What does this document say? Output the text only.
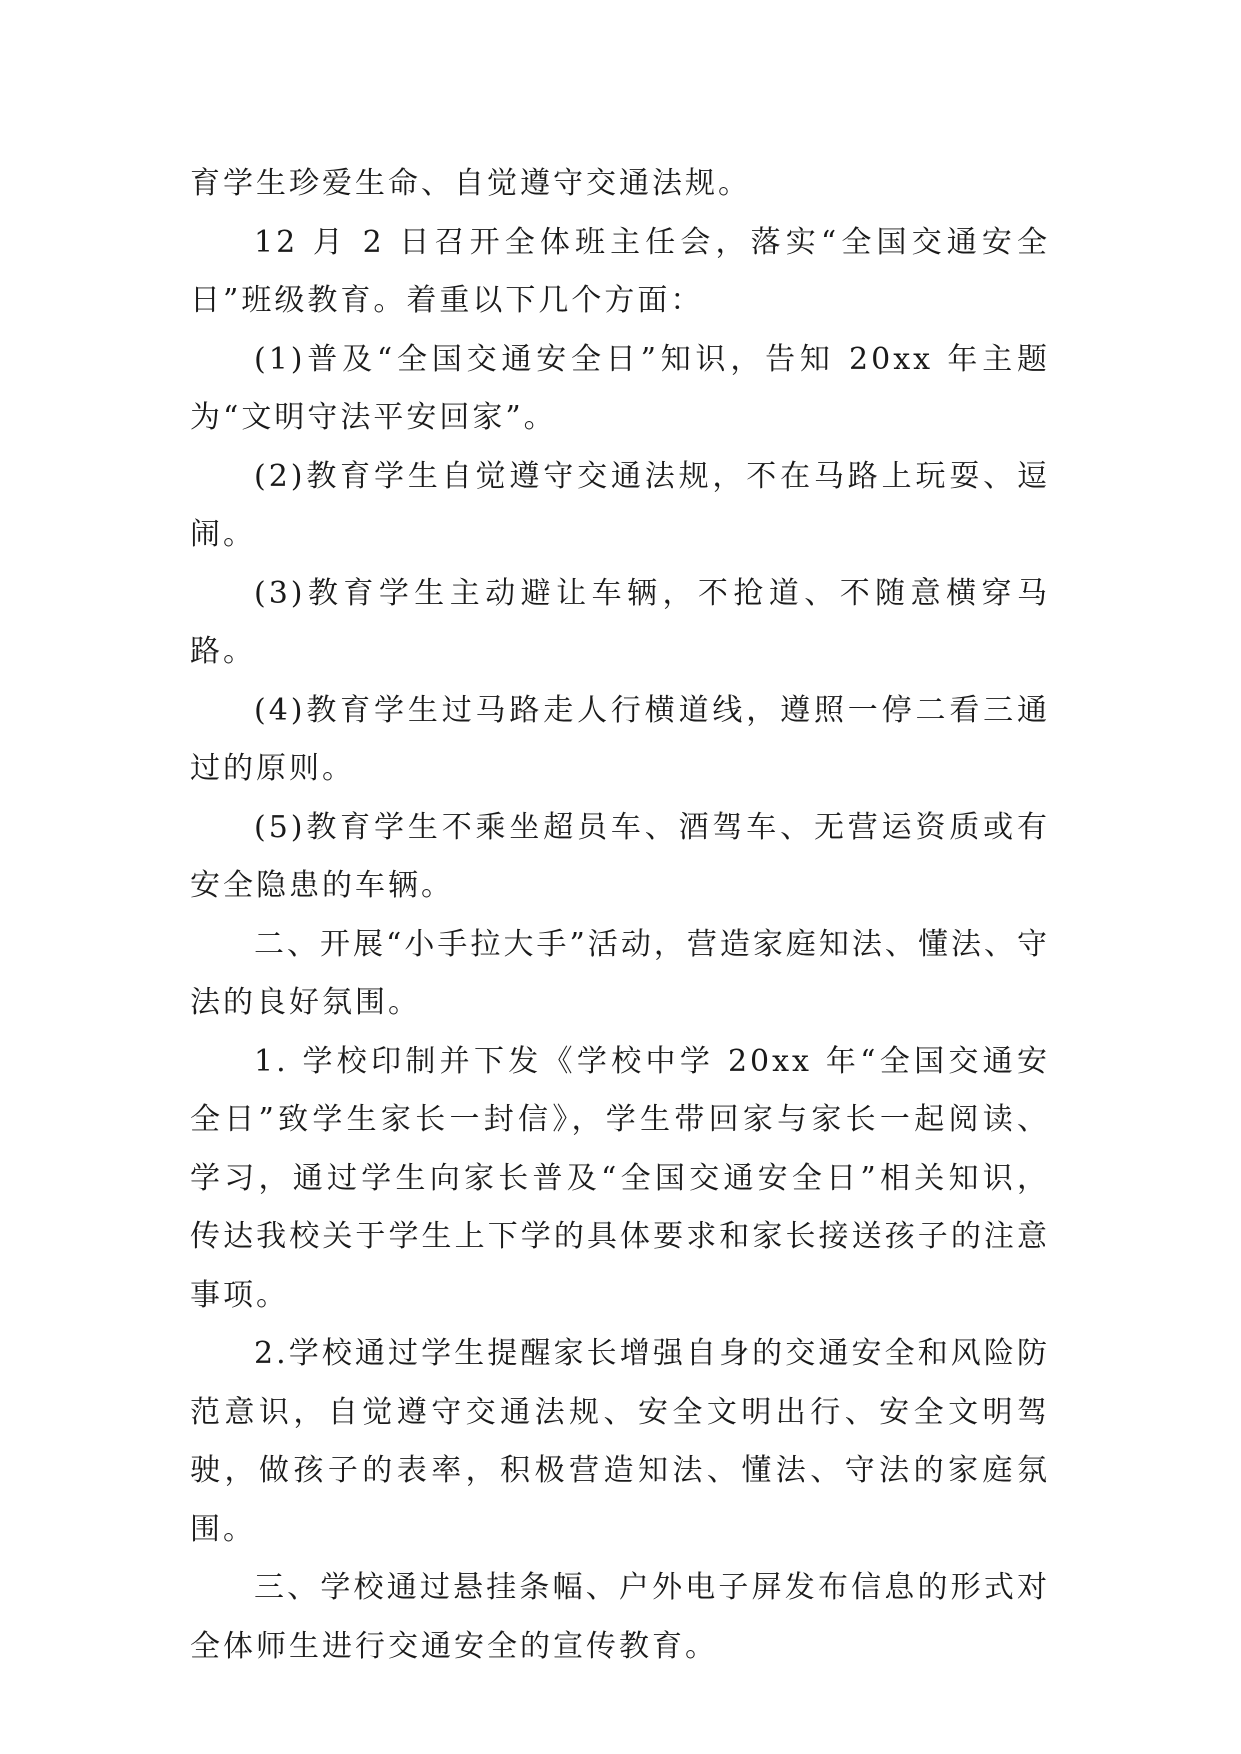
育学生珍爱生命、自觉遵守交通法规。

12 月 2 日召开全体班主任会，落实“全国交通安全日”班级教育。着重以下几个方面：

(1)普及“全国交通安全日”知识，告知 20xx 年主题为“文明守法平安回家”。

(2)教育学生自觉遵守交通法规，不在马路上玩耍、逗闹。

(3)教育学生主动避让车辆，不抢道、不随意横穿马路。

(4)教育学生过马路走人行横道线，遵照一停二看三通过的原则。

(5)教育学生不乘坐超员车、酒驾车、无营运资质或有安全隐患的车辆。

二、开展“小手拉大手”活动，营造家庭知法、懂法、守法的良好氛围。

1. 学校印制并下发《学校中学 20xx 年“全国交通安全日”致学生家长一封信》，学生带回家与家长一起阅读、学习，通过学生向家长普及“全国交通安全日”相关知识，传达我校关于学生上下学的具体要求和家长接送孩子的注意事项。

2.学校通过学生提醒家长增强自身的交通安全和风险防范意识，自觉遵守交通法规、安全文明出行、安全文明驾驶，做孩子的表率，积极营造知法、懂法、守法的家庭氛围。

三、学校通过悬挂条幅、户外电子屏发布信息的形式对全体师生进行交通安全的宣传教育。
